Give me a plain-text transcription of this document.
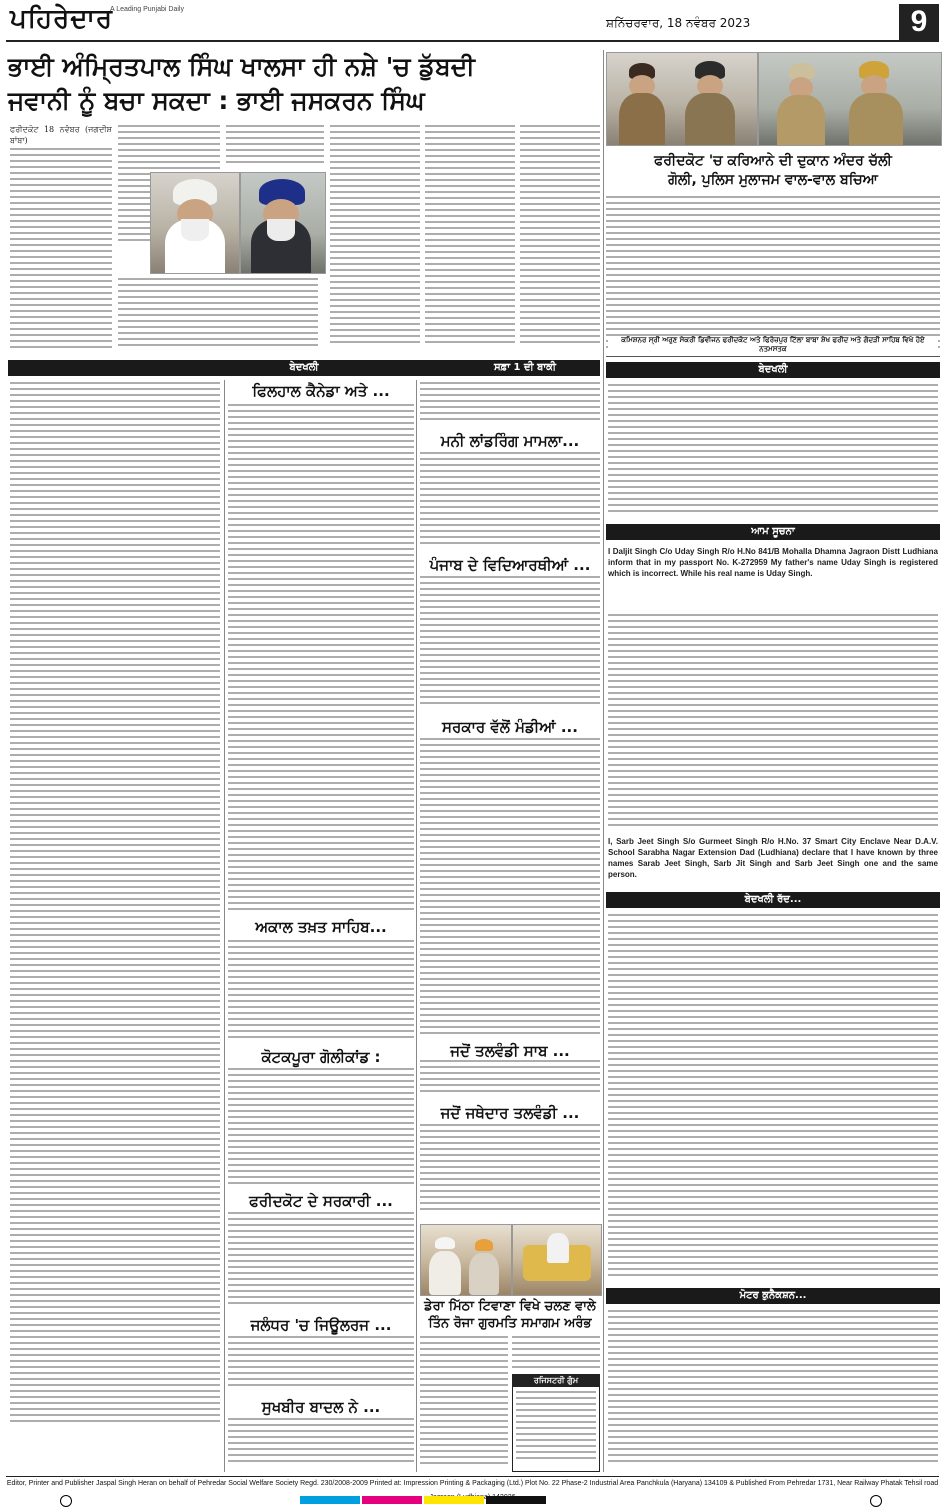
ਪਹਿਰੇਦਾਰ
A Leading Punjabi Daily
ਸ਼ਨਿੱਚਰਵਾਰ, 18 ਨਵੰਬਰ 2023	9
ਭਾਈ ਅੰਮ੍ਰਿਤਪਾਲ ਸਿੰਘ ਖਾਲਸਾ ਹੀ ਨਸ਼ੇ 'ਚ ਡੁੱਬਦੀ
ਜਵਾਨੀ ਨੂੰ ਬਚਾ ਸਕਦਾ : ਭਾਈ ਜਸਕਰਨ ਸਿੰਘ
ਫਰੀਦਕੋਟ 18 ਨਵੰਬਰ (ਜਗਦੀਸ਼ ਬਾਂਬਾ)
ਫਰੀਦਕੋਟ 'ਚ ਕਰਿਆਨੇ ਦੀ ਦੁਕਾਨ ਅੰਦਰ ਚੱਲੀ
ਗੋਲੀ, ਪੁਲਿਸ ਮੁਲਾਜਮ ਵਾਲ-ਵਾਲ ਬਚਿਆ
ਬੇਦਖਲੀ	ਸਫ਼ਾ 1 ਦੀ ਬਾਕੀ
ਫਿਲਹਾਲ ਕੈਨੇਡਾ ਅਤੇ ...
ਅਕਾਲ ਤਖ਼ਤ ਸਾਹਿਬ...
ਕੋਟਕਪੂਰਾ ਗੋਲੀਕਾਂਡ :
ਫਰੀਦਕੋਟ ਦੇ ਸਰਕਾਰੀ ...
ਜਲੰਧਰ 'ਚ ਜਿਊਲਰਜ ...
ਸੁਖਬੀਰ ਬਾਦਲ ਨੇ ...
ਮਨੀ ਲਾਂਡਰਿੰਗ ਮਾਮਲਾ...
ਪੰਜਾਬ ਦੇ ਵਿਦਿਆਰਥੀਆਂ ...
ਸਰਕਾਰ ਵੱਲੋਂ ਮੰਡੀਆਂ ...
ਜਦੋਂ ਤਲਵੰਡੀ ਸਾਬ ...
ਜਦੋਂ ਜਥੇਦਾਰ ਤਲਵੰਡੀ ...
ਡੇਰਾ ਮਿੱਠਾ ਟਿਵਾਣਾ ਵਿਖੇ ਚਲਣ ਵਾਲੇ
ਤਿੰਨ ਰੋਜਾ ਗੁਰਮਤਿ ਸਮਾਗਮ ਅਰੰਭ
ਰਜਿਸਟਰੀ ਗੁੰਮ
ਬੇਦਖਲੀ
ਆਮ ਸੂਚਨਾ
I Daljit Singh C/o Uday Singh R/o H.No 841/B Mohalla Dhamna Jagraon Distt Ludhiana inform that in my passport No. K-272959 My father's name Uday Singh is registered which is incorrect. While his real name is Uday Singh.
I, Sarb Jeet Singh S/o Gurmeet Singh R/o H.No. 37 Smart City Enclave Near D.A.V. School Sarabha Nagar Extension Dad (Ludhiana) declare that I have known by three names Sarab Jeet Singh, Sarb Jit Singh and Sarb Jeet Singh one and the same person.
ਬੇਦਖਲੀ ਰੱਦ...
ਮੋਟਰ ਕੁਨੈਕਸ਼ਨ...
Editor, Printer and Publisher Jaspal Singh Heran on behalf of Pehredar Social Welfare Society Regd. 230/2008-2009 Printed at: Impression Printing & Packaging (Ltd.) Plot No. 22 Phase-2 Industrial Area Panchkula (Haryana) 134109 & Published From Pehredar 1731, Near Railway Phatak Tehsil road
ਕਮਿਸ਼ਨਰ ਸ੍ਰੀ ਅਰੁਣ ਸੇਕਰੀ ਡਿਵੀਜਨ ਫਰੀਦਕੋਟ ਅਤੇ ਫਿਰੋਜ਼ਪੁਰ ਟਿੱਲਾ ਬਾਬਾ ਸ਼ੇਖ ਫਰੀਦ ਅਤੇ ਗੋਦੜੀ ਸਾਹਿਬ ਵਿਖੇ ਹੋਏ ਨਤਮਸਤਕ
